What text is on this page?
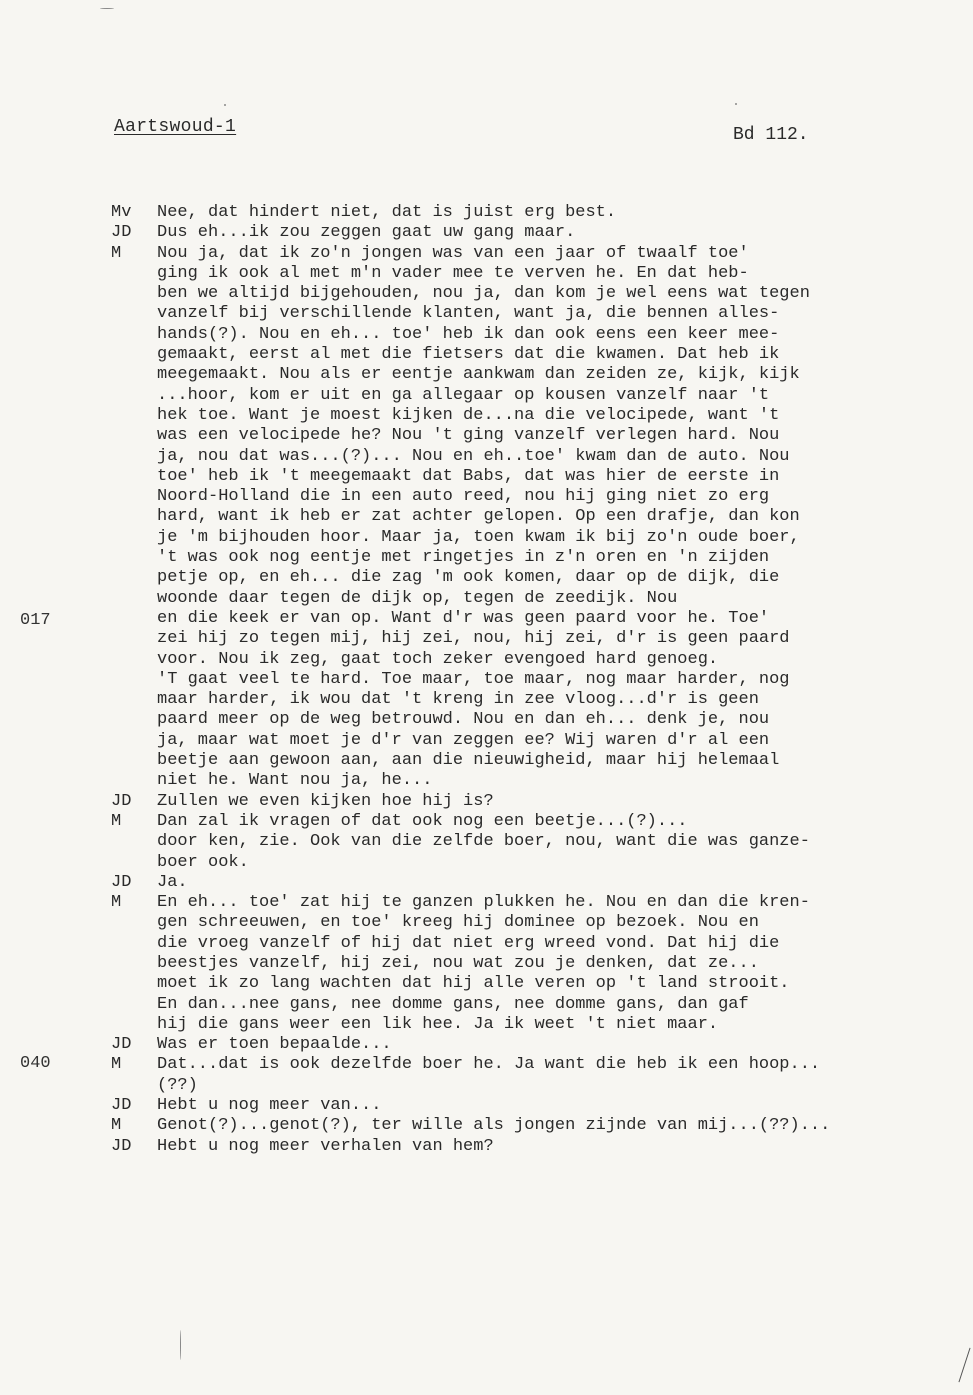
Aartswoud-1	Bd 112.
017
040
Mv	Nee, dat hindert niet, dat is juist erg best.
JD	Dus eh...ik zou zeggen gaat uw gang maar.
M	Nou ja, dat ik zo'n jongen was van een jaar of twaalf toe'
ging ik ook al met m'n vader mee te verven he. En dat heb-
ben we altijd bijgehouden, nou ja, dan kom je wel eens wat tegen
vanzelf bij verschillende klanten, want ja, die bennen alles-
hands(?). Nou en eh... toe' heb ik dan ook eens een keer mee-
gemaakt, eerst al met die fietsers dat die kwamen. Dat heb ik
meegemaakt. Nou als er eentje aankwam dan zeiden ze, kijk, kijk
...hoor, kom er uit en ga allegaar op kousen vanzelf naar 't
hek toe. Want je moest kijken de...na die velocipede, want 't
was een velocipede he? Nou 't ging vanzelf verlegen hard. Nou
ja, nou dat was...(?)... Nou en eh..toe' kwam dan de auto. Nou
toe' heb ik 't meegemaakt dat Babs, dat was hier de eerste in
Noord-Holland die in een auto reed, nou hij ging niet zo erg
hard, want ik heb er zat achter gelopen. Op een drafje, dan kon
je 'm bijhouden hoor. Maar ja, toen kwam ik bij zo'n oude boer,
't was ook nog eentje met ringetjes in z'n oren en 'n zijden
petje op, en eh... die zag 'm ook komen, daar op de dijk, die
woonde daar tegen de dijk op, tegen de zeedijk. Nou
en die keek er van op. Want d'r was geen paard voor he. Toe'
zei hij zo tegen mij, hij zei, nou, hij zei, d'r is geen paard
voor. Nou ik zeg, gaat toch zeker evengoed hard genoeg.
'T gaat veel te hard. Toe maar, toe maar, nog maar harder, nog
maar harder, ik wou dat 't kreng in zee vloog...d'r is geen
paard meer op de weg betrouwd. Nou en dan eh... denk je, nou
ja, maar wat moet je d'r van zeggen ee? Wij waren d'r al een
beetje aan gewoon aan, aan die nieuwigheid, maar hij helemaal
niet he. Want nou ja, he...
JD	Zullen we even kijken hoe hij is?
M	Dan zal ik vragen of dat ook nog een beetje...(?)...
door ken, zie. Ook van die zelfde boer, nou, want die was ganze-
boer ook.
JD	Ja.
M	En eh... toe' zat hij te ganzen plukken he. Nou en dan die kren-
gen schreeuwen, en toe' kreeg hij dominee op bezoek. Nou en
die vroeg vanzelf of hij dat niet erg wreed vond. Dat hij die
beestjes vanzelf, hij zei, nou wat zou je denken, dat ze...
moet ik zo lang wachten dat hij alle veren op 't land strooit.
En dan...nee gans, nee domme gans, nee domme gans, dan gaf
hij die gans weer een lik hee. Ja ik weet 't niet maar.
JD	Was er toen bepaalde...
M	Dat...dat is ook dezelfde boer he. Ja want die heb ik een hoop...
(??)
JD	Hebt u nog meer van...
M	Genot(?)...genot(?), ter wille als jongen zijnde van mij...(??)...
JD	Hebt u nog meer verhalen van hem?
